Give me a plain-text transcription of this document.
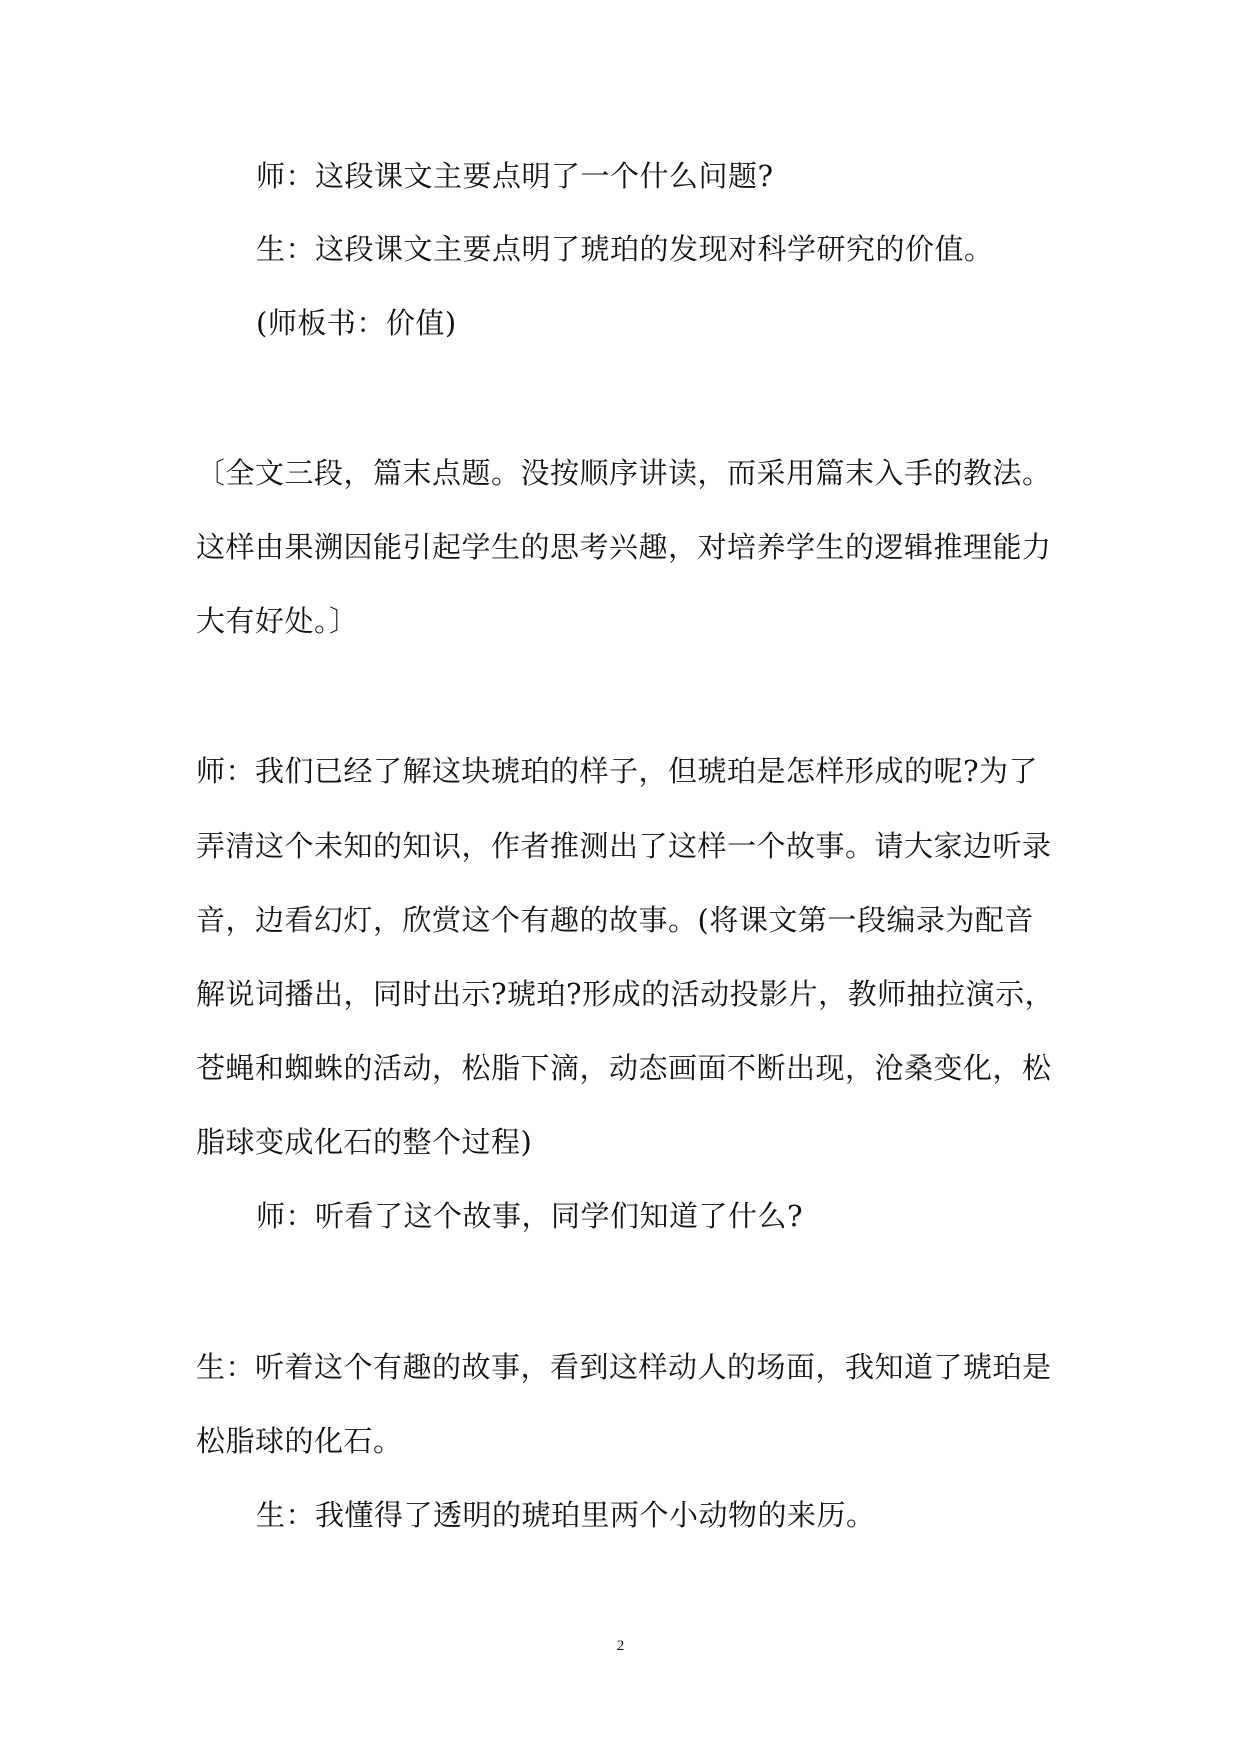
师：这段课文主要点明了一个什么问题?
生：这段课文主要点明了琥珀的发现对科学研究的价值。
(师板书：价值)
〔全文三段，篇末点题。没按顺序讲读，而采用篇末入手的教法。
这样由果溯因能引起学生的思考兴趣，对培养学生的逻辑推理能力
大有好处。〕
师：我们已经了解这块琥珀的样子，但琥珀是怎样形成的呢?为了
弄清这个未知的知识，作者推测出了这样一个故事。请大家边听录
音，边看幻灯，欣赏这个有趣的故事。(将课文第一段编录为配音
解说词播出，同时出示?琥珀?形成的活动投影片，教师抽拉演示，
苍蝇和蜘蛛的活动，松脂下滴，动态画面不断出现，沧桑变化，松
脂球变成化石的整个过程)
师：听看了这个故事，同学们知道了什么?
生：听着这个有趣的故事，看到这样动人的场面，我知道了琥珀是
松脂球的化石。
生：我懂得了透明的琥珀里两个小动物的来历。
2
